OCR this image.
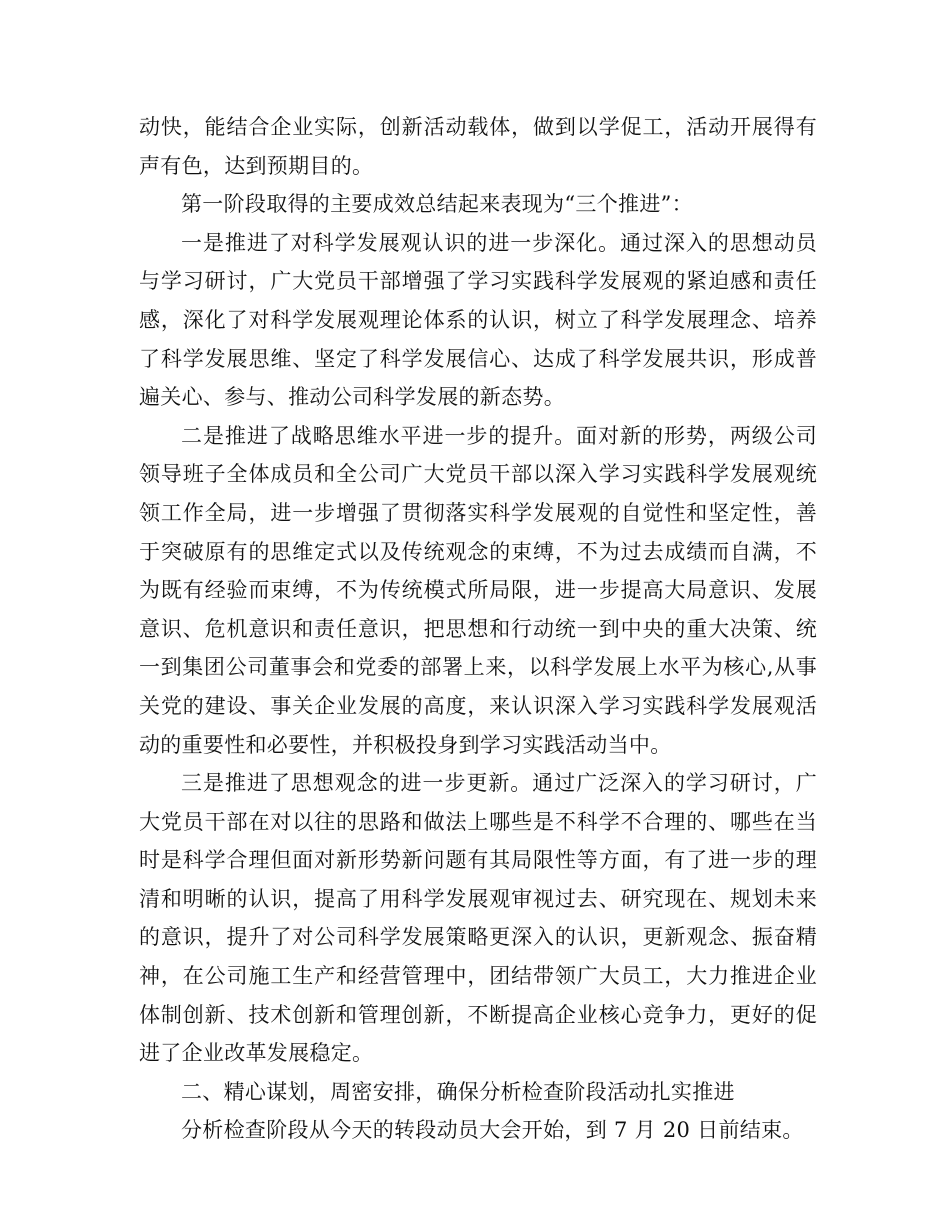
动快，能结合企业实际，创新活动载体，做到以学促工，活动开展得有声有色，达到预期目的。

第一阶段取得的主要成效总结起来表现为“三个推进”：

一是推进了对科学发展观认识的进一步深化。通过深入的思想动员与学习研讨，广大党员干部增强了学习实践科学发展观的紧迫感和责任感，深化了对科学发展观理论体系的认识，树立了科学发展理念、培养了科学发展思维、坚定了科学发展信心、达成了科学发展共识，形成普遍关心、参与、推动公司科学发展的新态势。

二是推进了战略思维水平进一步的提升。面对新的形势，两级公司领导班子全体成员和全公司广大党员干部以深入学习实践科学发展观统领工作全局，进一步增强了贯彻落实科学发展观的自觉性和坚定性，善于突破原有的思维定式以及传统观念的束缚，不为过去成绩而自满，不为既有经验而束缚，不为传统模式所局限，进一步提高大局意识、发展意识、危机意识和责任意识，把思想和行动统一到中央的重大决策、统一到集团公司董事会和党委的部署上来，以科学发展上水平为核心,从事关党的建设、事关企业发展的高度，来认识深入学习实践科学发展观活动的重要性和必要性，并积极投身到学习实践活动当中。

三是推进了思想观念的进一步更新。通过广泛深入的学习研讨，广大党员干部在对以往的思路和做法上哪些是不科学不合理的、哪些在当时是科学合理但面对新形势新问题有其局限性等方面，有了进一步的理清和明晰的认识，提高了用科学发展观审视过去、研究现在、规划未来的意识，提升了对公司科学发展策略更深入的认识，更新观念、振奋精神，在公司施工生产和经营管理中，团结带领广大员工，大力推进企业体制创新、技术创新和管理创新，不断提高企业核心竞争力，更好的促进了企业改革发展稳定。

二、精心谋划，周密安排，确保分析检查阶段活动扎实推进

分析检查阶段从今天的转段动员大会开始，到 7 月 20 日前结束。
